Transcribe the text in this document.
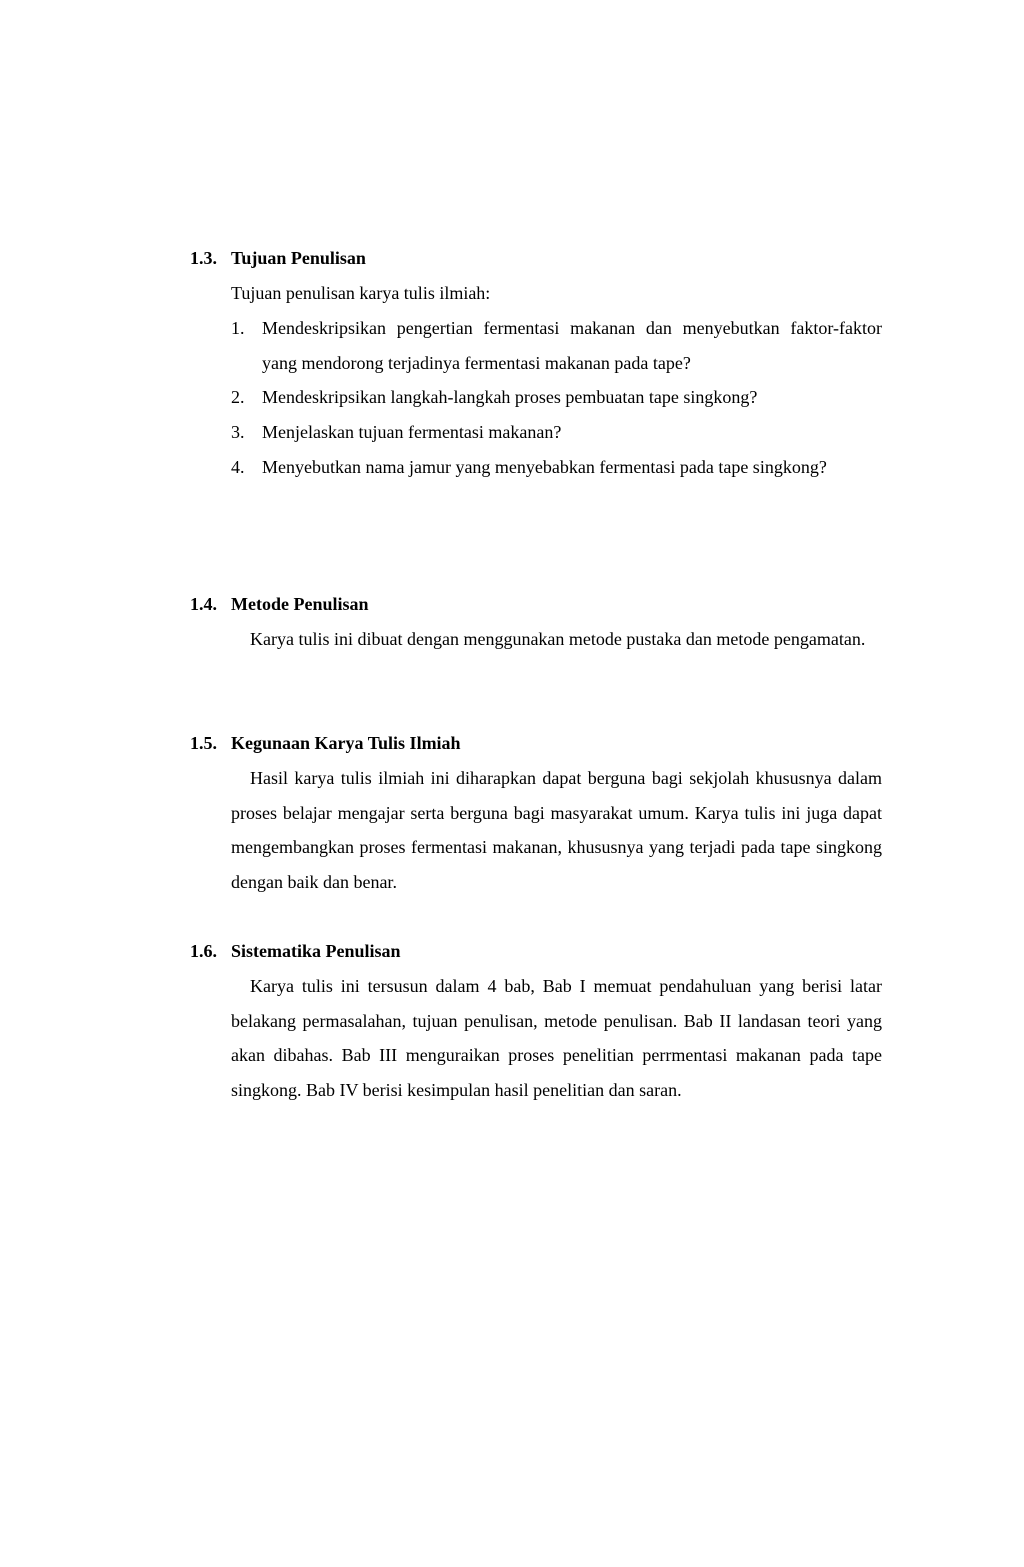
1.3. Tujuan Penulisan
Tujuan penulisan karya tulis ilmiah:
1. Mendeskripsikan pengertian fermentasi makanan dan menyebutkan faktor-faktor yang mendorong terjadinya fermentasi makanan pada tape?
2. Mendeskripsikan langkah-langkah proses pembuatan tape singkong?
3. Menjelaskan tujuan fermentasi makanan?
4. Menyebutkan nama jamur yang menyebabkan fermentasi pada tape singkong?
1.4. Metode Penulisan
Karya tulis ini dibuat dengan menggunakan metode pustaka dan metode pengamatan.
1.5. Kegunaan Karya Tulis Ilmiah
Hasil karya tulis ilmiah ini diharapkan dapat berguna bagi sekjolah khususnya dalam proses belajar mengajar serta berguna bagi masyarakat umum. Karya tulis ini juga dapat mengembangkan proses fermentasi makanan, khususnya yang terjadi pada tape singkong dengan baik dan benar.
1.6. Sistematika Penulisan
Karya tulis ini tersusun dalam 4 bab, Bab I memuat pendahuluan yang berisi latar belakang permasalahan, tujuan penulisan, metode penulisan. Bab II landasan teori yang akan dibahas. Bab III menguraikan proses penelitian perrmentasi makanan pada tape singkong. Bab IV berisi kesimpulan hasil penelitian dan saran.
